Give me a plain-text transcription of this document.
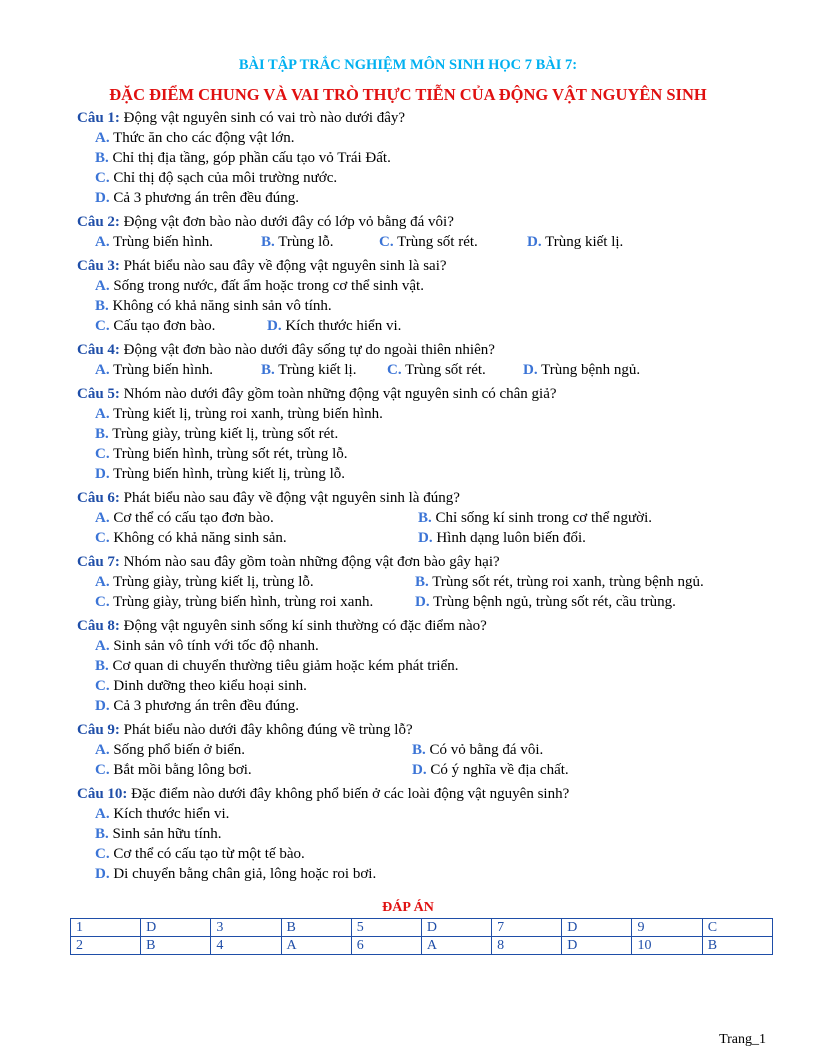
BÀI TẬP TRẮC NGHIỆM MÔN SINH HỌC 7 BÀI 7:
ĐẶC ĐIỂM CHUNG VÀ VAI TRÒ THỰC TIỄN CỦA ĐỘNG VẬT NGUYÊN SINH
Câu 1: Động vật nguyên sinh có vai trò nào dưới đây?
A. Thức ăn cho các động vật lớn.
B. Chỉ thị địa tầng, góp phần cấu tạo vỏ Trái Đất.
C. Chỉ thị độ sạch của môi trường nước.
D. Cả 3 phương án trên đều đúng.
Câu 2: Động vật đơn bào nào dưới đây có lớp vỏ bằng đá vôi?
A. Trùng biến hình.	B. Trùng lỗ.	C. Trùng sốt rét.	D. Trùng kiết lị.
Câu 3: Phát biểu nào sau đây về động vật nguyên sinh là sai?
A. Sống trong nước, đất ẩm hoặc trong cơ thể sinh vật.
B. Không có khả năng sinh sản vô tính.
C. Cấu tạo đơn bào.	D. Kích thước hiển vi.
Câu 4: Động vật đơn bào nào dưới đây sống tự do ngoài thiên nhiên?
A. Trùng biến hình.	B. Trùng kiết lị.	C. Trùng sốt rét.	D. Trùng bệnh ngủ.
Câu 5: Nhóm nào dưới đây gồm toàn những động vật nguyên sinh có chân giả?
A. Trùng kiết lị, trùng roi xanh, trùng biến hình.
B. Trùng giày, trùng kiết lị, trùng sốt rét.
C. Trùng biến hình, trùng sốt rét, trùng lỗ.
D. Trùng biến hình, trùng kiết lị, trùng lỗ.
Câu 6: Phát biểu nào sau đây về động vật nguyên sinh là đúng?
A. Cơ thể có cấu tạo đơn bào.	B. Chỉ sống kí sinh trong cơ thể người.
C. Không có khả năng sinh sản.	D. Hình dạng luôn biến đổi.
Câu 7: Nhóm nào sau đây gồm toàn những động vật đơn bào gây hại?
A. Trùng giày, trùng kiết lị, trùng lỗ.	B. Trùng sốt rét, trùng roi xanh, trùng bệnh ngủ.
C. Trùng giày, trùng biến hình, trùng roi xanh.	D. Trùng bệnh ngủ, trùng sốt rét, cầu trùng.
Câu 8: Động vật nguyên sinh sống kí sinh thường có đặc điểm nào?
A. Sinh sản vô tính với tốc độ nhanh.
B. Cơ quan di chuyển thường tiêu giảm hoặc kém phát triển.
C. Dinh dưỡng theo kiểu hoại sinh.
D. Cả 3 phương án trên đều đúng.
Câu 9: Phát biểu nào dưới đây không đúng về trùng lỗ?
A. Sống phổ biến ở biển.	B. Có vỏ bằng đá vôi.
C. Bắt mồi bằng lông bơi.	D. Có ý nghĩa về địa chất.
Câu 10: Đặc điểm nào dưới đây không phổ biến ở các loài động vật nguyên sinh?
A. Kích thước hiển vi.
B. Sinh sản hữu tính.
C. Cơ thể có cấu tạo từ một tế bào.
D. Di chuyển bằng chân giả, lông hoặc roi bơi.
ĐÁP ÁN
1	D	3	B	5	D	7	D	9	C
2	B	4	A	6	A	8	D	10	B
Trang_1
